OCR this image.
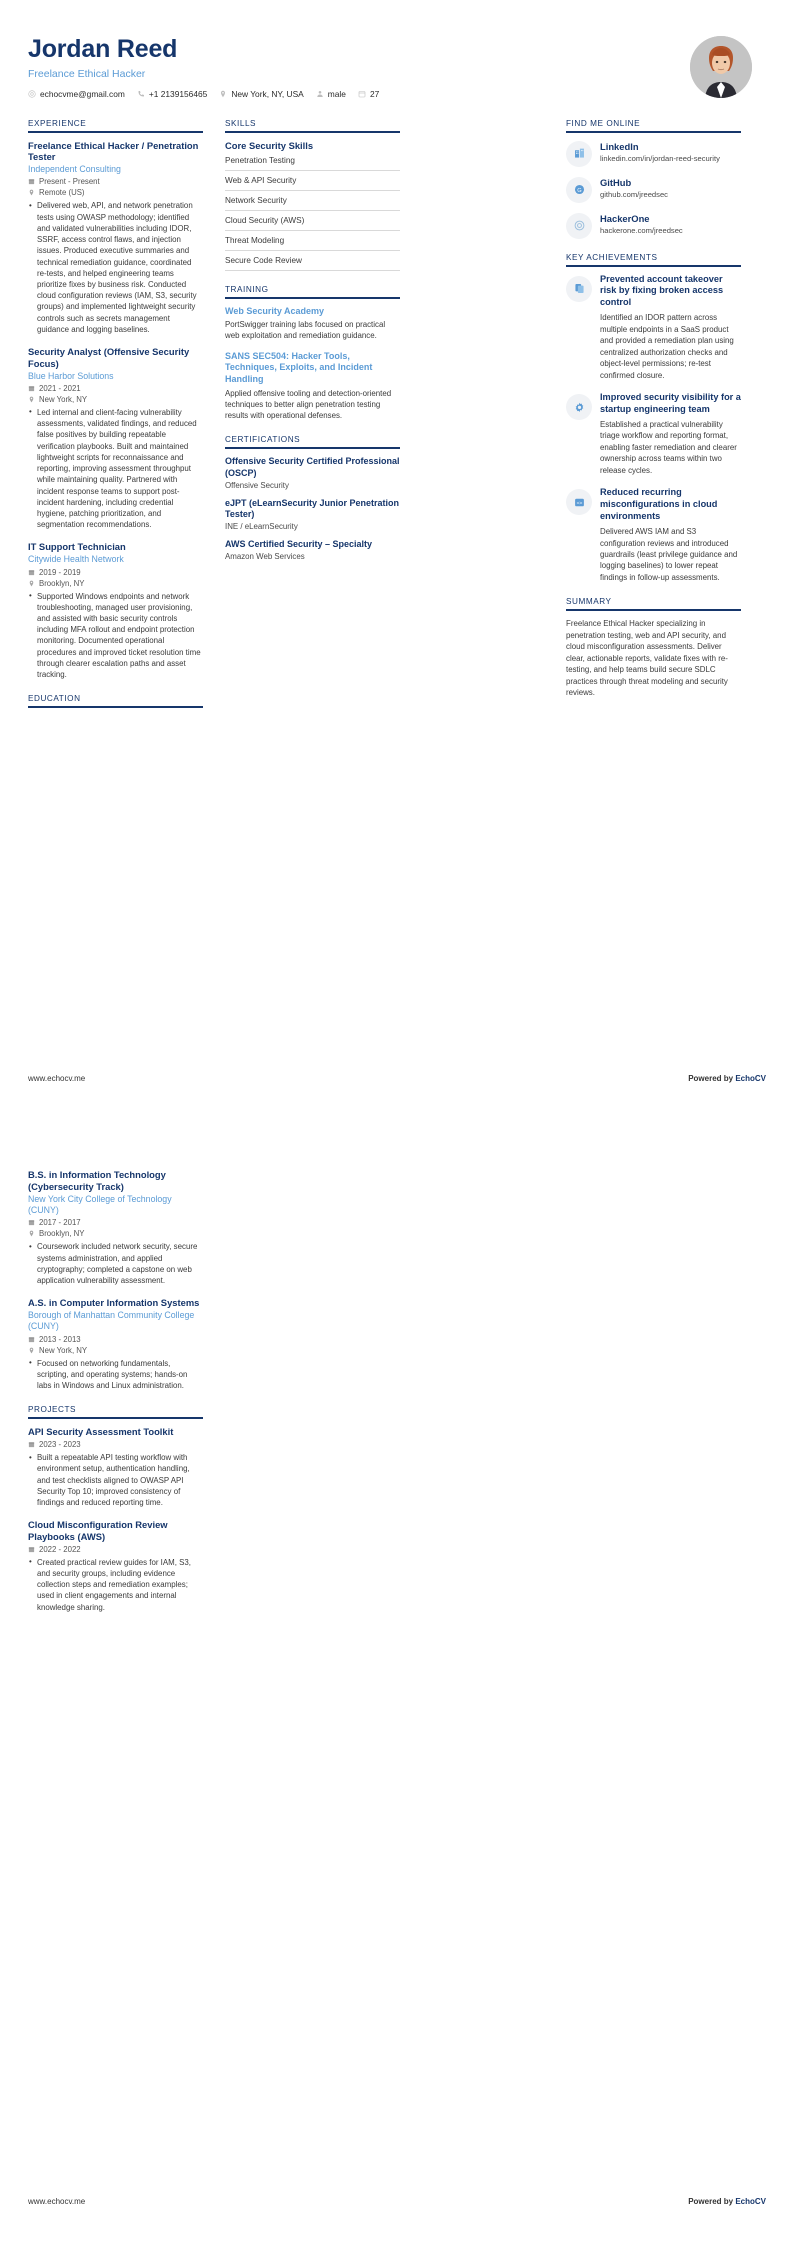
Jordan Reed
Freelance Ethical Hacker
echocvme@gmail.com	+1 2139156465	New York, NY, USA	male	27
EXPERIENCE
Freelance Ethical Hacker / Penetration Tester
Independent Consulting
Present - Present
Remote (US)
• Delivered web, API, and network penetration tests using OWASP methodology; identified and validated vulnerabilities including IDOR, SSRF, access control flaws, and injection issues. Produced executive summaries and technical remediation guidance, coordinated re-tests, and helped engineering teams prioritize fixes by business risk. Conducted cloud configuration reviews (IAM, S3, security groups) and implemented lightweight security controls such as secrets management guidance and logging baselines.
Security Analyst (Offensive Security Focus)
Blue Harbor Solutions
2021 - 2021
New York, NY
• Led internal and client-facing vulnerability assessments, validated findings, and reduced false positives by building repeatable verification playbooks. Built and maintained lightweight scripts for reconnaissance and reporting, improving assessment throughput while maintaining quality. Partnered with incident response teams to support post-incident hardening, including credential hygiene, patching prioritization, and segmentation recommendations.
IT Support Technician
Citywide Health Network
2019 - 2019
Brooklyn, NY
• Supported Windows endpoints and network troubleshooting, managed user provisioning, and assisted with basic security controls including MFA rollout and endpoint protection monitoring. Documented operational procedures and improved ticket resolution time through clearer escalation paths and asset tracking.
EDUCATION
SKILLS
Core Security Skills
Penetration Testing
Web & API Security
Network Security
Cloud Security (AWS)
Threat Modeling
Secure Code Review
TRAINING
Web Security Academy
PortSwigger training labs focused on practical web exploitation and remediation guidance.
SANS SEC504: Hacker Tools, Techniques, Exploits, and Incident Handling
Applied offensive tooling and detection-oriented techniques to better align penetration testing results with operational defenses.
CERTIFICATIONS
Offensive Security Certified Professional (OSCP)
Offensive Security
eJPT (eLearnSecurity Junior Penetration Tester)
INE / eLearnSecurity
AWS Certified Security – Specialty
Amazon Web Services
FIND ME ONLINE
LinkedIn
linkedin.com/in/jordan-reed-security
G
GitHub
github.com/jreedsec
HackerOne
hackerone.com/jreedsec
KEY ACHIEVEMENTS
Prevented account takeover risk by fixing broken access control
Identified an IDOR pattern across multiple endpoints in a SaaS product and provided a remediation plan using centralized authorization checks and object-level permissions; re-test confirmed closure.
Improved security visibility for a startup engineering team
Established a practical vulnerability triage workflow and reporting format, enabling faster remediation and clearer ownership across teams within two release cycles.
<>
Reduced recurring misconfigurations in cloud environments
Delivered AWS IAM and S3 configuration reviews and introduced guardrails (least privilege guidance and logging baselines) to lower repeat findings in follow-up assessments.
SUMMARY
Freelance Ethical Hacker specializing in penetration testing, web and API security, and cloud misconfiguration assessments. Deliver clear, actionable reports, validate fixes with re-testing, and help teams build secure SDLC practices through threat modeling and security reviews.
www.echocv.me	Powered by EchoCV
B.S. in Information Technology (Cybersecurity Track)
New York City College of Technology (CUNY)
2017 - 2017
Brooklyn, NY
• Coursework included network security, secure systems administration, and applied cryptography; completed a capstone on web application vulnerability assessment.
A.S. in Computer Information Systems
Borough of Manhattan Community College (CUNY)
2013 - 2013
New York, NY
• Focused on networking fundamentals, scripting, and operating systems; hands-on labs in Windows and Linux administration.
PROJECTS
API Security Assessment Toolkit
2023 - 2023
• Built a repeatable API testing workflow with environment setup, authentication handling, and test checklists aligned to OWASP API Security Top 10; improved consistency of findings and reduced reporting time.
Cloud Misconfiguration Review Playbooks (AWS)
2022 - 2022
• Created practical review guides for IAM, S3, and security groups, including evidence collection steps and remediation examples; used in client engagements and internal knowledge sharing.
www.echocv.me	Powered by EchoCV
